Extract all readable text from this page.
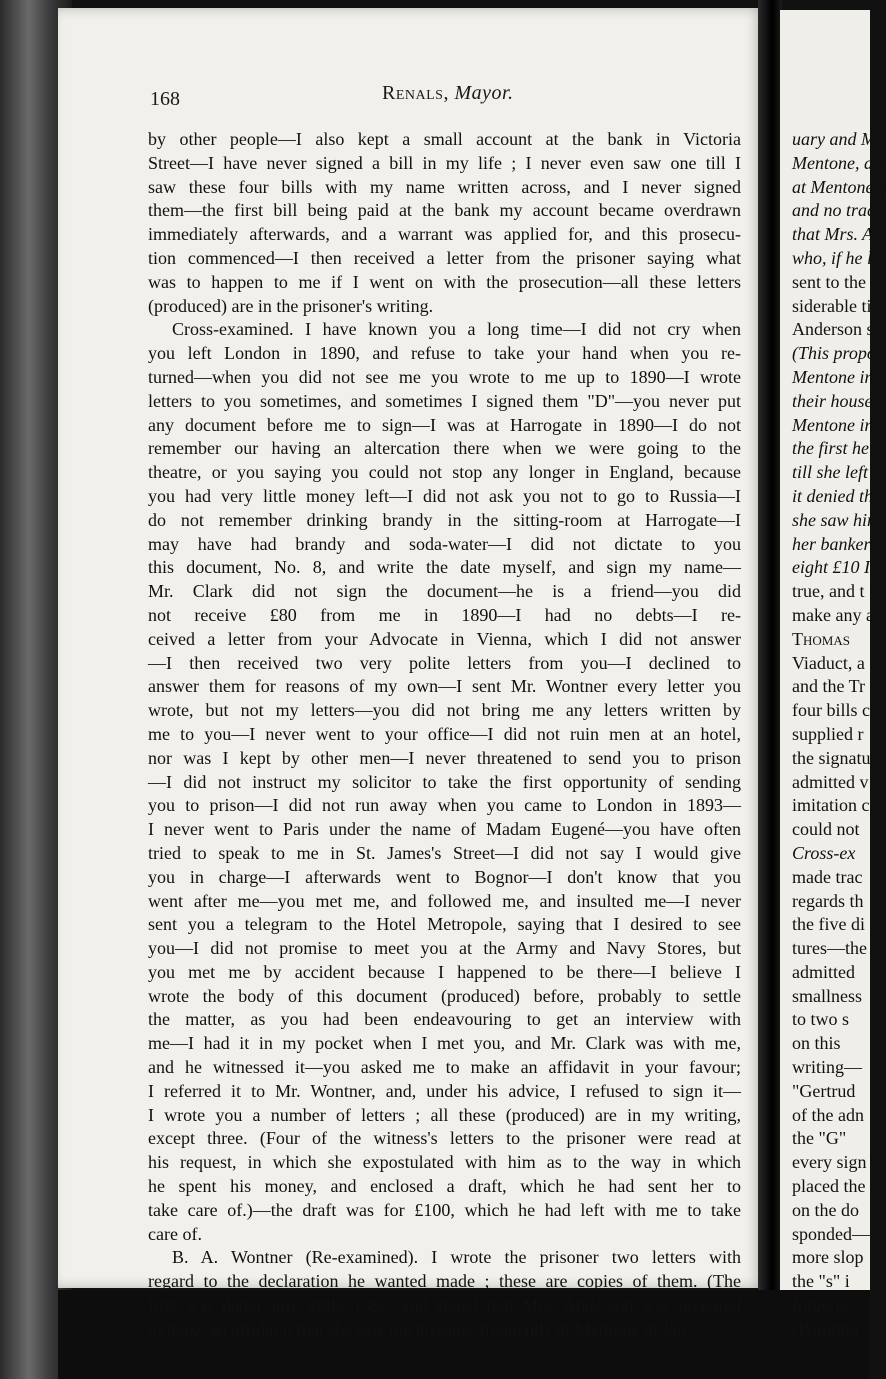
168	Renals, Mayor.
by other people—I also kept a small account at the bank in Victoria
Street—I have never signed a bill in my life ; I never even saw one till I
saw these four bills with my name written across, and I never signed
them—the first bill being paid at the bank my account became overdrawn
immediately afterwards, and a warrant was applied for, and this prosecu-
tion commenced—I then received a letter from the prisoner saying what
was to happen to me if I went on with the prosecution—all these letters
(produced) are in the prisoner's writing.
Cross-examined. I have known you a long time—I did not cry when
you left London in 1890, and refuse to take your hand when you re-
turned—when you did not see me you wrote to me up to 1890—I wrote
letters to you sometimes, and sometimes I signed them "D"—you never put
any document before me to sign—I was at Harrogate in 1890—I do not
remember our having an altercation there when we were going to the
theatre, or you saying you could not stop any longer in England, because
you had very little money left—I did not ask you not to go to Russia—I
do not remember drinking brandy in the sitting-room at Harrogate—I
may have had brandy and soda-water—I did not dictate to you
this document, No. 8, and write the date myself, and sign my name—
Mr. Clark did not sign the document—he is a friend—you did
not receive £80 from me in 1890—I had no debts—I re-
ceived a letter from your Advocate in Vienna, which I did not answer
—I then received two very polite letters from you—I declined to
answer them for reasons of my own—I sent Mr. Wontner every letter you
wrote, but not my letters—you did not bring me any letters written by
me to you—I never went to your office—I did not ruin men at an hotel,
nor was I kept by other men—I never threatened to send you to prison
—I did not instruct my solicitor to take the first opportunity of sending
you to prison—I did not run away when you came to London in 1893—
I never went to Paris under the name of Madam Eugené—you have often
tried to speak to me in St. James's Street—I did not say I would give
you in charge—I afterwards went to Bognor—I don't know that you
went after me—you met me, and followed me, and insulted me—I never
sent you a telegram to the Hotel Metropole, saying that I desired to see
you—I did not promise to meet you at the Army and Navy Stores, but
you met me by accident because I happened to be there—I believe I
wrote the body of this document (produced) before, probably to settle
the matter, as you had been endeavouring to get an interview with
me—I had it in my pocket when I met you, and Mr. Clark was with me,
and he witnessed it—you asked me to make an affidavit in your favour;
I referred it to Mr. Wontner, and, under his advice, I refused to sign it—
I wrote you a number of letters ; all these (produced) are in my writing,
except three. (Four of the witness's letters to the prisoner were read at
his request, in which she expostulated with him as to the way in which
he spent his money, and enclosed a draft, which he had sent her to
take care of.)—the draft was for £100, which he had left with me to take
care of.
B. A. Wontner (Re-examined). I wrote the prisoner two letters with
regard to the declaration he wanted made ; these are copies of them. (The
first was dated July 28th, 1893, and stated that Mrs. Anderson was prepared
to make an affidavit that she saw the prisoner frequently at Mentone in Jan
uary and M
Mentone, an
at Mentone c
and no trac
that Mrs. A
who, if he l
sent to the
siderable ti
Anderson s
(This propo
Mentone in
their house
Mentone in
the first he
till she left
it denied th
she saw hin
her bankers
eight £10 I
true, and t
make any a
Thomas
Viaduct, a
and the Tr
four bills c
supplied r
the signatu
admitted v
imitation c
could not
Cross-ex
made trac
regards th
the five di
tures—the
admitted
smallness
to two s
on this
writing—
"Gertrud
of the adn
the "G"
every sign
placed the
on the do
sponded—
more slop
the "s" i
forgeries
(Pointing
